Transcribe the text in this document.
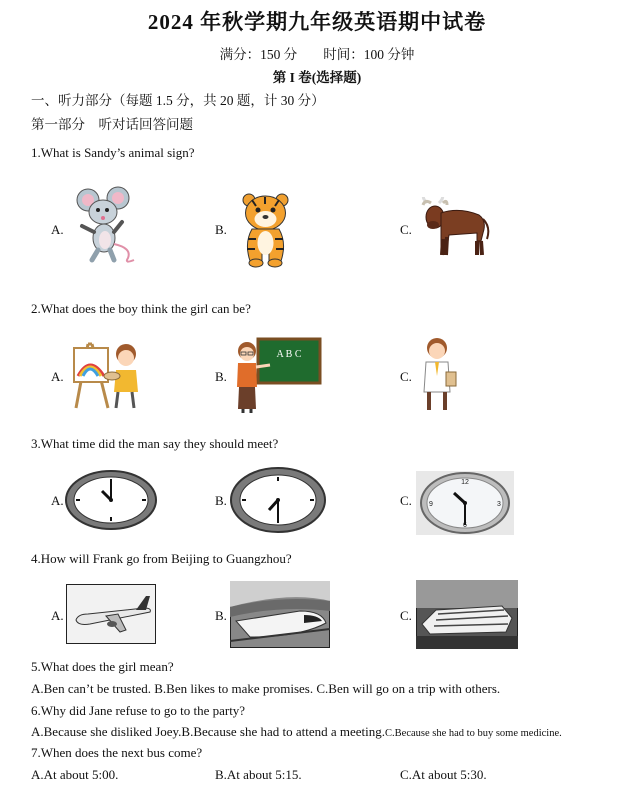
2024 年秋学期九年级英语期中试卷
满分：150 分 时间：100 分钟
第 I 卷(选择题)
一、听力部分（每题 1.5 分，共 20 题，计 30 分）
第一部分　听对话回答问题
1.What is Sandy’s animal sign?
A.	B.	C.
2.What does the boy think the girl can be?
A.	B.	C.
A B C
3.What time did the man say they should meet?
A.	B.	C.
12
3
6
9
4.How will Frank go from Beijing to Guangzhou?
A.	B.	C.
5.What does the girl mean?
A.Ben can’t be trusted. B.Ben likes to make promises. C.Ben will go on a trip with others.
6.Why did Jane refuse to go to the party?
A.Because she disliked Joey.B.Because she had to attend a meeting.C.Because she had to buy some medicine.
7.When does the next bus come?
A.At about 5:00.	B.At about 5:15.	C.At about 5:30.
